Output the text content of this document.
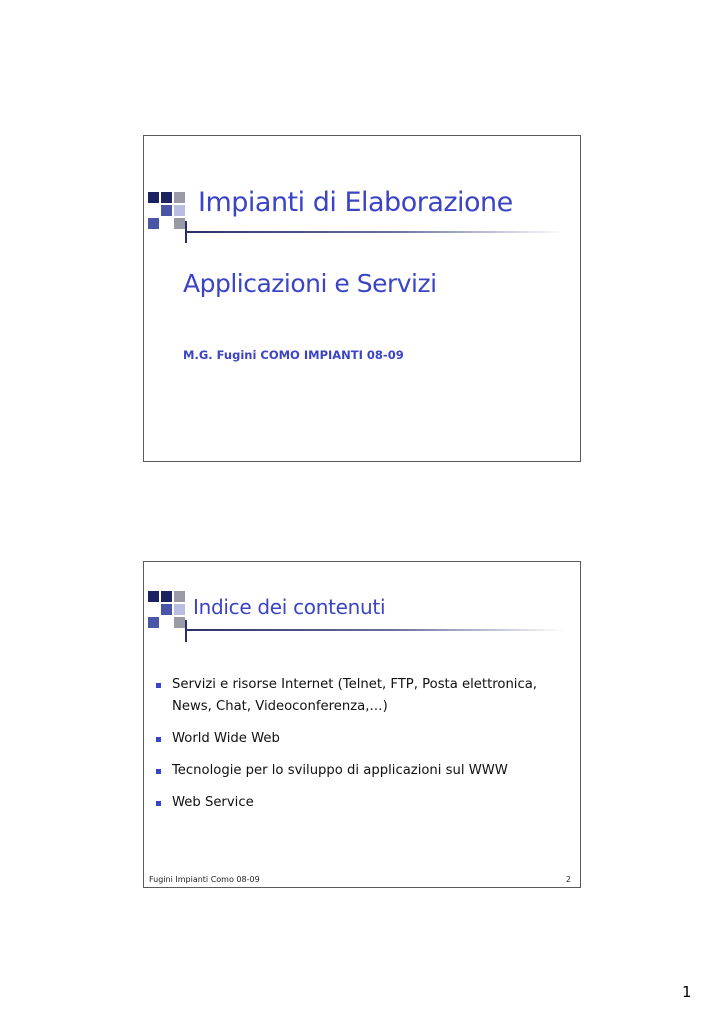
Impianti di Elaborazione
Applicazioni e Servizi
M.G. Fugini COMO IMPIANTI 08-09
Indice dei contenuti
Servizi e risorse Internet (Telnet, FTP, Posta elettronica, News, Chat, Videoconferenza,…)
World Wide Web
Tecnologie per lo sviluppo di applicazioni sul WWW
Web Service
Fugini Impianti Como 08-09	2
1
